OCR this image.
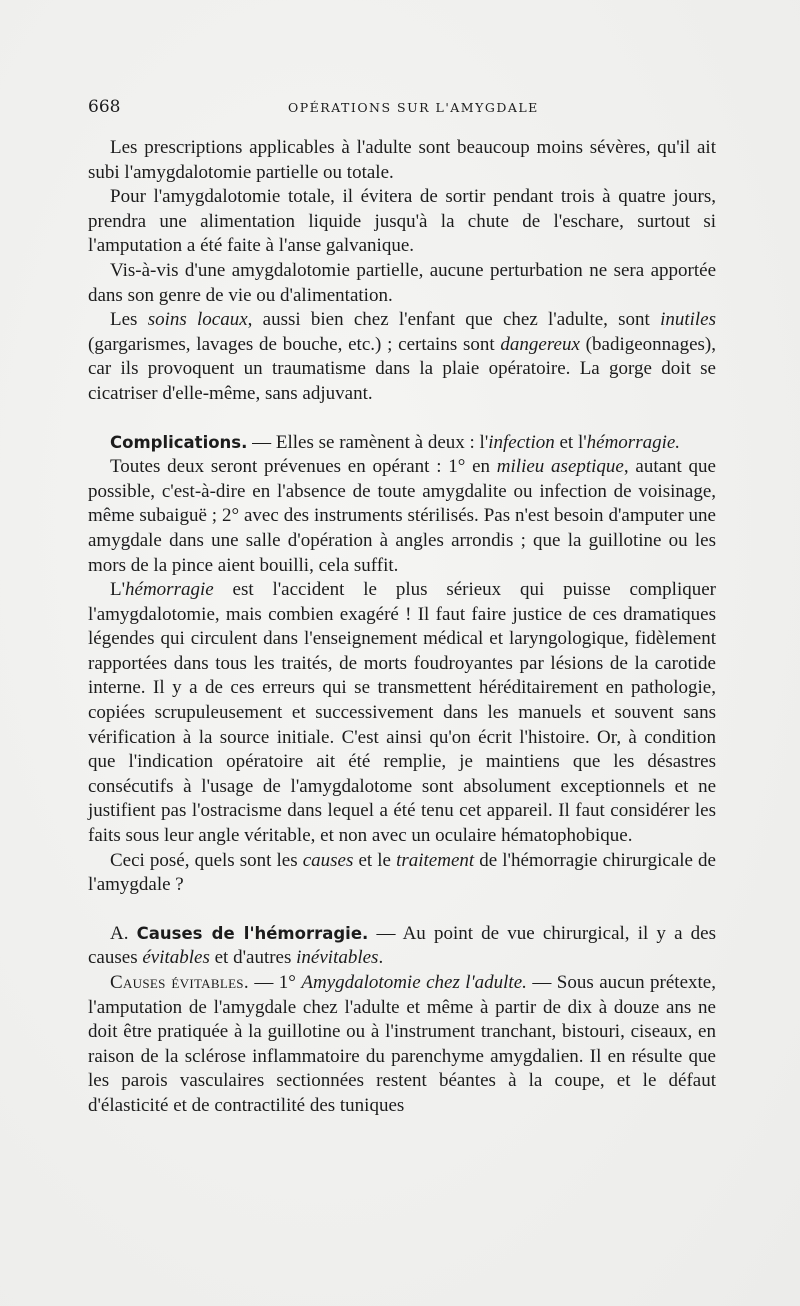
668	OPÉRATIONS SUR L'AMYGDALE

Les prescriptions applicables à l'adulte sont beaucoup moins sévères, qu'il ait subi l'amygdalotomie partielle ou totale.

Pour l'amygdalotomie totale, il évitera de sortir pendant trois à quatre jours, prendra une alimentation liquide jusqu'à la chute de l'eschare, surtout si l'amputation a été faite à l'anse galvanique.

Vis-à-vis d'une amygdalotomie partielle, aucune perturbation ne sera apportée dans son genre de vie ou d'alimentation.

Les soins locaux, aussi bien chez l'enfant que chez l'adulte, sont inutiles (gargarismes, lavages de bouche, etc.) ; certains sont dangereux (badigeonnages), car ils provoquent un traumatisme dans la plaie opératoire. La gorge doit se cicatriser d'elle-même, sans adjuvant.

Complications. — Elles se ramènent à deux : l'infection et l'hémorragie.

Toutes deux seront prévenues en opérant : 1° en milieu aseptique, autant que possible, c'est-à-dire en l'absence de toute amygdalite ou infection de voisinage, même subaiguë ; 2° avec des instruments stérilisés. Pas n'est besoin d'amputer une amygdale dans une salle d'opération à angles arrondis ; que la guillotine ou les mors de la pince aient bouilli, cela suffit.

L'hémorragie est l'accident le plus sérieux qui puisse compliquer l'amygdalotomie, mais combien exagéré ! Il faut faire justice de ces dramatiques légendes qui circulent dans l'enseignement médical et laryngologique, fidèlement rapportées dans tous les traités, de morts foudroyantes par lésions de la carotide interne. Il y a de ces erreurs qui se transmettent héréditairement en pathologie, copiées scrupuleusement et successivement dans les manuels et souvent sans vérification à la source initiale. C'est ainsi qu'on écrit l'histoire. Or, à condition que l'indication opératoire ait été remplie, je maintiens que les désastres consécutifs à l'usage de l'amygdalotome sont absolument exceptionnels et ne justifient pas l'ostracisme dans lequel a été tenu cet appareil. Il faut considérer les faits sous leur angle véritable, et non avec un oculaire hématophobique.

Ceci posé, quels sont les causes et le traitement de l'hémorragie chirurgicale de l'amygdale ?

A. Causes de l'hémorragie. — Au point de vue chirurgical, il y a des causes évitables et d'autres inévitables.

Causes évitables. — 1° Amygdalotomie chez l'adulte. — Sous aucun prétexte, l'amputation de l'amygdale chez l'adulte et même à partir de dix à douze ans ne doit être pratiquée à la guillotine ou à l'instrument tranchant, bistouri, ciseaux, en raison de la sclérose inflammatoire du parenchyme amygdalien. Il en résulte que les parois vasculaires sectionnées restent béantes à la coupe, et le défaut d'élasticité et de contractilité des tuniques
